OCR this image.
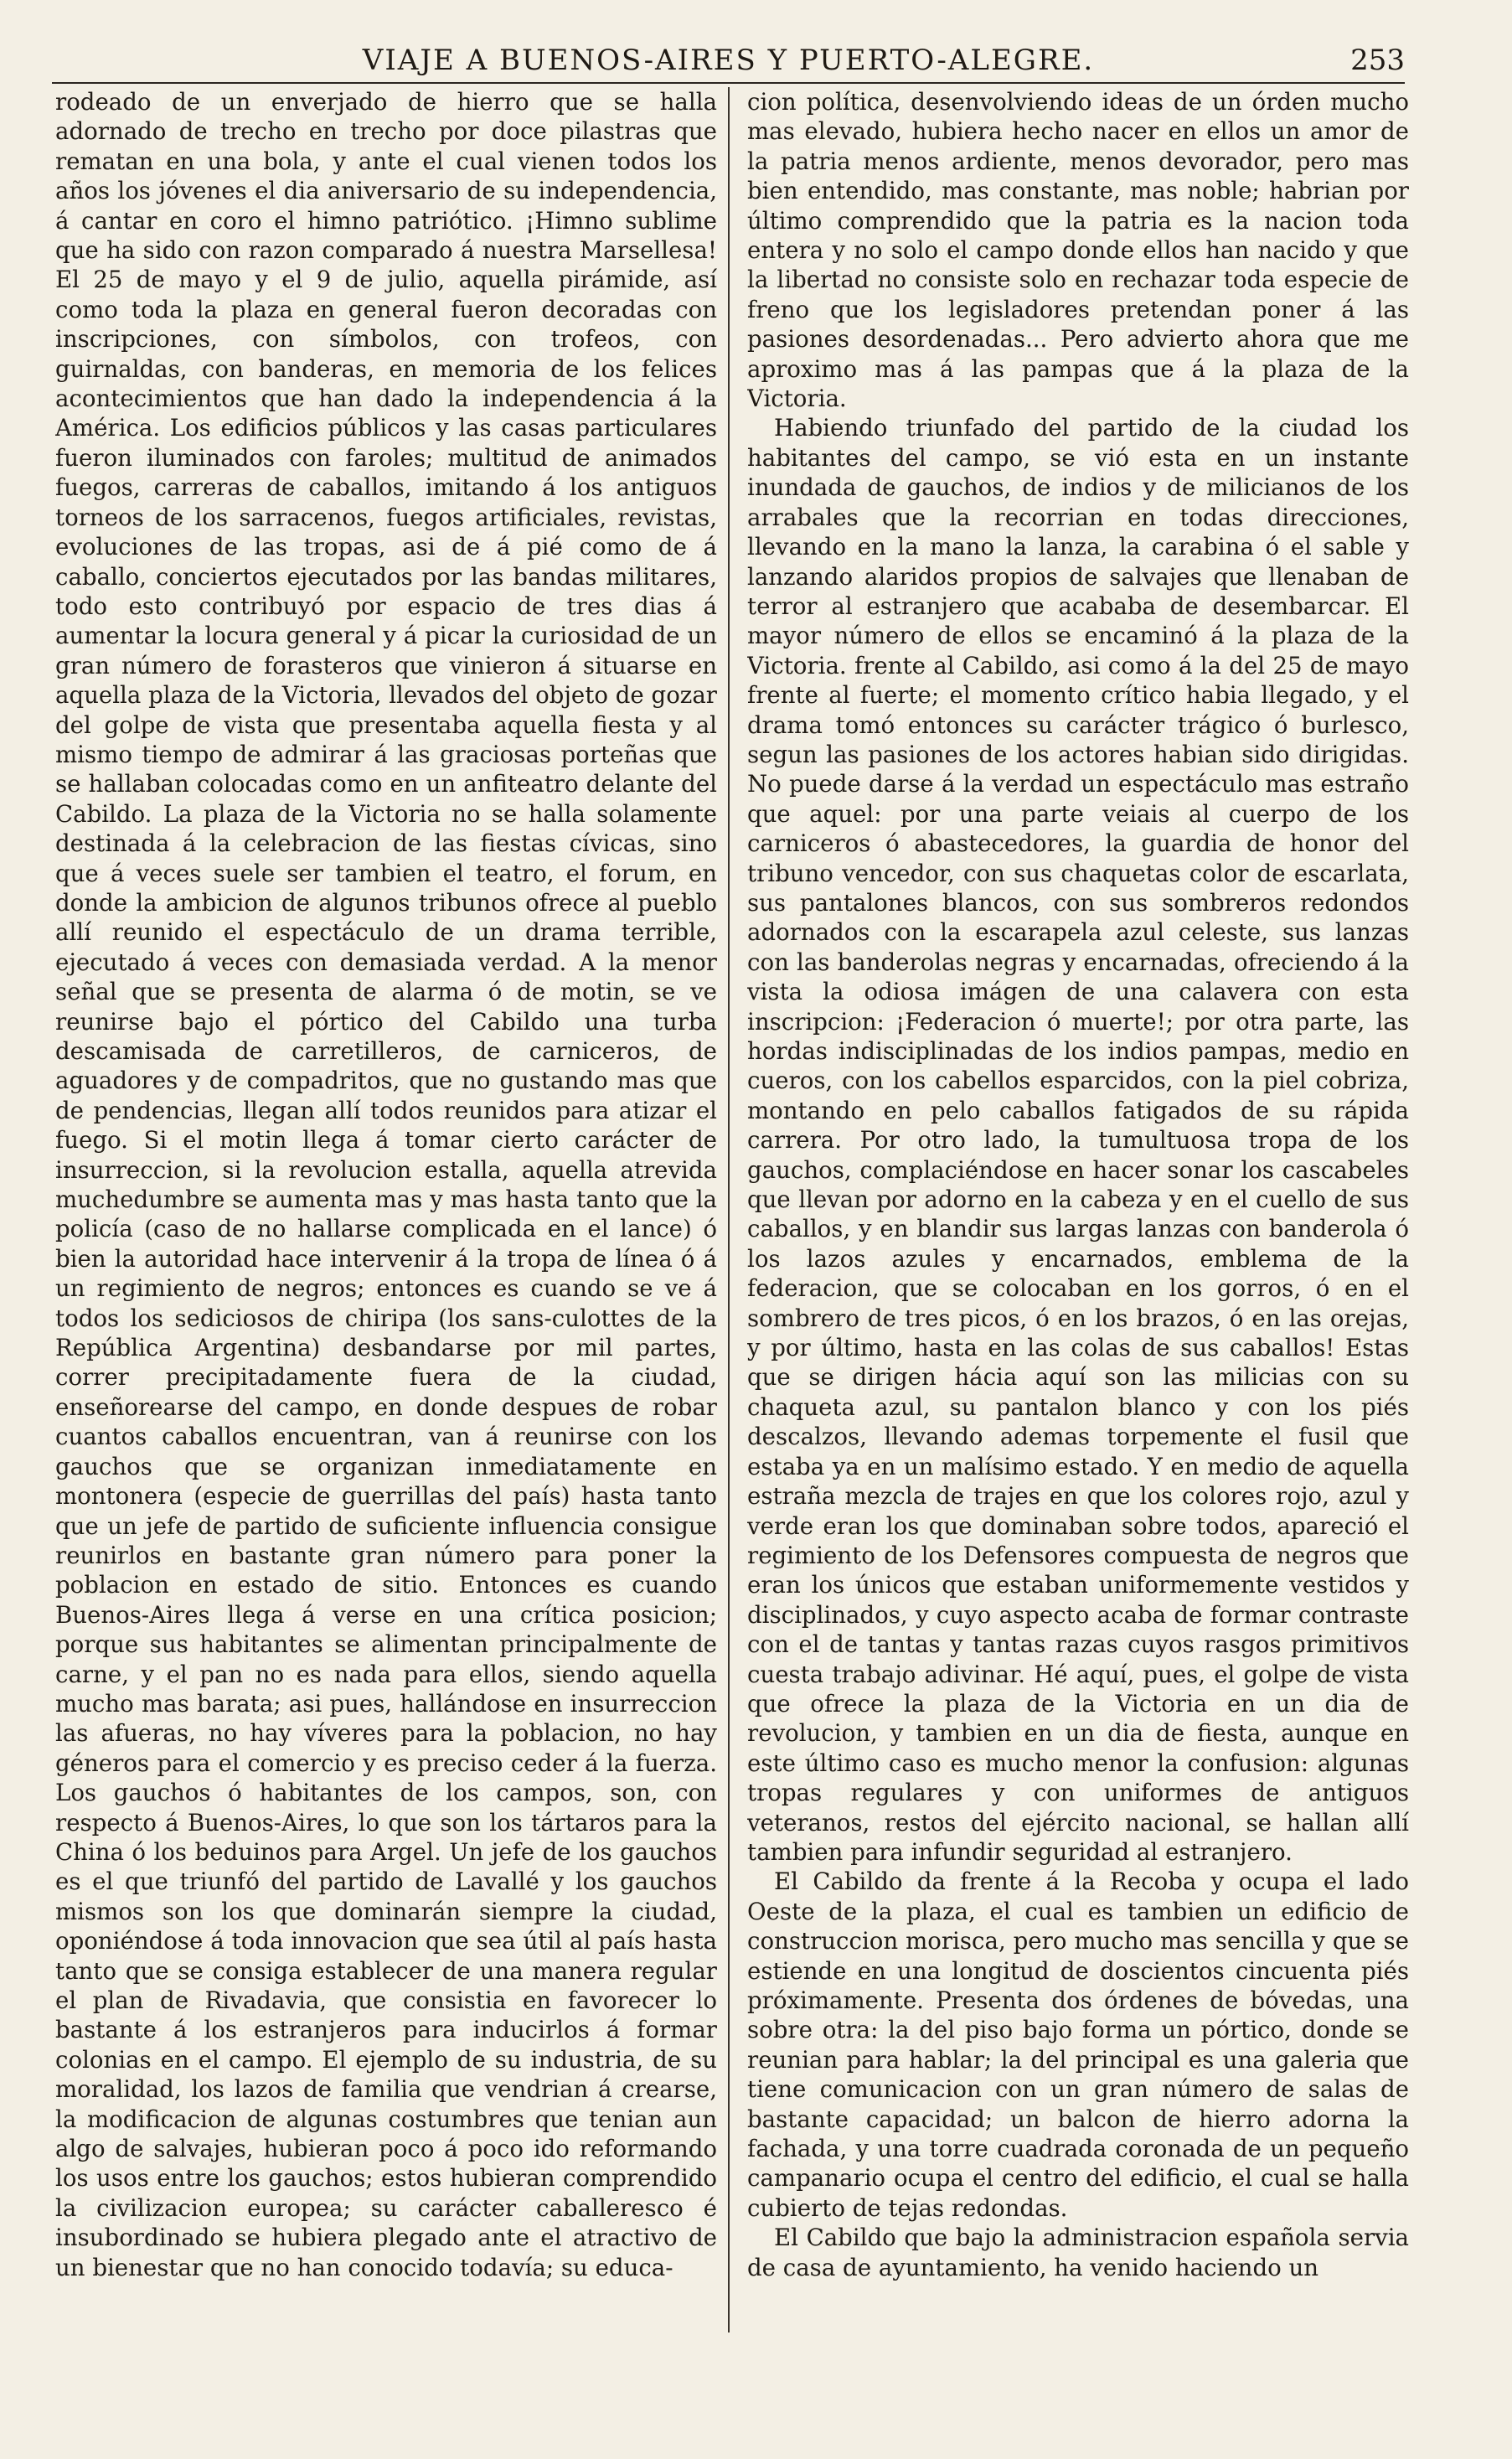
VIAJE A BUENOS-AIRES Y PUERTO-ALEGRE.	253

rodeado de un enverjado de hierro que se halla adornado de trecho en trecho por doce pilastras que rematan en una bola, y ante el cual vienen todos los años los jóvenes el dia aniversario de su independencia, á cantar en coro el himno patriótico. ¡Himno sublime que ha sido con razon comparado á nuestra Marsellesa! El 25 de mayo y el 9 de julio, aquella pirámide, así como toda la plaza en general fueron decoradas con inscripciones, con símbolos, con trofeos, con guirnaldas, con banderas, en memoria de los felices acontecimientos que han dado la independencia á la América. Los edificios públicos y las casas particulares fueron iluminados con faroles; multitud de animados fuegos, carreras de caballos, imitando á los antiguos torneos de los sarracenos, fuegos artificiales, revistas, evoluciones de las tropas, asi de á pié como de á caballo, conciertos ejecutados por las bandas militares, todo esto contribuyó por espacio de tres dias á aumentar la locura general y á picar la curiosidad de un gran número de forasteros que vinieron á situarse en aquella plaza de la Victoria, llevados del objeto de gozar del golpe de vista que presentaba aquella fiesta y al mismo tiempo de admirar á las graciosas porteñas que se hallaban colocadas como en un anfiteatro delante del Cabildo. La plaza de la Victoria no se halla solamente destinada á la celebracion de las fiestas cívicas, sino que á veces suele ser tambien el teatro, el forum, en donde la ambicion de algunos tribunos ofrece al pueblo allí reunido el espectáculo de un drama terrible, ejecutado á veces con demasiada verdad. A la menor señal que se presenta de alarma ó de motin, se ve reunirse bajo el pórtico del Cabildo una turba descamisada de carretilleros, de carniceros, de aguadores y de compadritos, que no gustando mas que de pendencias, llegan allí todos reunidos para atizar el fuego. Si el motin llega á tomar cierto carácter de insurreccion, si la revolucion estalla, aquella atrevida muchedumbre se aumenta mas y mas hasta tanto que la policía (caso de no hallarse complicada en el lance) ó bien la autoridad hace intervenir á la tropa de línea ó á un regimiento de negros; entonces es cuando se ve á todos los sediciosos de chiripa (los sans-culottes de la República Argentina) desbandarse por mil partes, correr precipitadamente fuera de la ciudad, enseñorearse del campo, en donde despues de robar cuantos caballos encuentran, van á reunirse con los gauchos que se organizan inmediatamente en montonera (especie de guerrillas del país) hasta tanto que un jefe de partido de suficiente influencia consigue reunirlos en bastante gran número para poner la poblacion en estado de sitio. Entonces es cuando Buenos-Aires llega á verse en una crítica posicion; porque sus habitantes se alimentan principalmente de carne, y el pan no es nada para ellos, siendo aquella mucho mas barata; asi pues, hallándose en insurreccion las afueras, no hay víveres para la poblacion, no hay géneros para el comercio y es preciso ceder á la fuerza. Los gauchos ó habitantes de los campos, son, con respecto á Buenos-Aires, lo que son los tártaros para la China ó los beduinos para Argel. Un jefe de los gauchos es el que triunfó del partido de Lavallé y los gauchos mismos son los que dominarán siempre la ciudad, oponiéndose á toda innovacion que sea útil al país hasta tanto que se consiga establecer de una manera regular el plan de Rivadavia, que consistia en favorecer lo bastante á los estranjeros para inducirlos á formar colonias en el campo. El ejemplo de su industria, de su moralidad, los lazos de familia que vendrian á crearse, la modificacion de algunas costumbres que tenian aun algo de salvajes, hubieran poco á poco ido reformando los usos entre los gauchos; estos hubieran comprendido la civilizacion europea; su carácter caballeresco é insubordinado se hubiera plegado ante el atractivo de un bienestar que no han conocido todavía; su educa-

cion política, desenvolviendo ideas de un órden mucho mas elevado, hubiera hecho nacer en ellos un amor de la patria menos ardiente, menos devorador, pero mas bien entendido, mas constante, mas noble; habrian por último comprendido que la patria es la nacion toda entera y no solo el campo donde ellos han nacido y que la libertad no consiste solo en rechazar toda especie de freno que los legisladores pretendan poner á las pasiones desordenadas... Pero advierto ahora que me aproximo mas á las pampas que á la plaza de la Victoria.

Habiendo triunfado del partido de la ciudad los habitantes del campo, se vió esta en un instante inundada de gauchos, de indios y de milicianos de los arrabales que la recorrian en todas direcciones, llevando en la mano la lanza, la carabina ó el sable y lanzando alaridos propios de salvajes que llenaban de terror al estranjero que acababa de desembarcar. El mayor número de ellos se encaminó á la plaza de la Victoria. frente al Cabildo, asi como á la del 25 de mayo frente al fuerte; el momento crítico habia llegado, y el drama tomó entonces su carácter trágico ó burlesco, segun las pasiones de los actores habian sido dirigidas. No puede darse á la verdad un espectáculo mas estraño que aquel: por una parte veiais al cuerpo de los carniceros ó abastecedores, la guardia de honor del tribuno vencedor, con sus chaquetas color de escarlata, sus pantalones blancos, con sus sombreros redondos adornados con la escarapela azul celeste, sus lanzas con las banderolas negras y encarnadas, ofreciendo á la vista la odiosa imágen de una calavera con esta inscripcion: ¡Federacion ó muerte!; por otra parte, las hordas indisciplinadas de los indios pampas, medio en cueros, con los cabellos esparcidos, con la piel cobriza, montando en pelo caballos fatigados de su rápida carrera. Por otro lado, la tumultuosa tropa de los gauchos, complaciéndose en hacer sonar los cascabeles que llevan por adorno en la cabeza y en el cuello de sus caballos, y en blandir sus largas lanzas con banderola ó los lazos azules y encarnados, emblema de la federacion, que se colocaban en los gorros, ó en el sombrero de tres picos, ó en los brazos, ó en las orejas, y por último, hasta en las colas de sus caballos! Estas que se dirigen hácia aquí son las milicias con su chaqueta azul, su pantalon blanco y con los piés descalzos, llevando ademas torpemente el fusil que estaba ya en un malísimo estado. Y en medio de aquella estraña mezcla de trajes en que los colores rojo, azul y verde eran los que dominaban sobre todos, apareció el regimiento de los Defensores compuesta de negros que eran los únicos que estaban uniformemente vestidos y disciplinados, y cuyo aspecto acaba de formar contraste con el de tantas y tantas razas cuyos rasgos primitivos cuesta trabajo adivinar. Hé aquí, pues, el golpe de vista que ofrece la plaza de la Victoria en un dia de revolucion, y tambien en un dia de fiesta, aunque en este último caso es mucho menor la confusion: algunas tropas regulares y con uniformes de antiguos veteranos, restos del ejército nacional, se hallan allí tambien para infundir seguridad al estranjero.

El Cabildo da frente á la Recoba y ocupa el lado Oeste de la plaza, el cual es tambien un edificio de construccion morisca, pero mucho mas sencilla y que se estiende en una longitud de doscientos cincuenta piés próximamente. Presenta dos órdenes de bóvedas, una sobre otra: la del piso bajo forma un pórtico, donde se reunian para hablar; la del principal es una galeria que tiene comunicacion con un gran número de salas de bastante capacidad; un balcon de hierro adorna la fachada, y una torre cuadrada coronada de un pequeño campanario ocupa el centro del edificio, el cual se halla cubierto de tejas redondas.

El Cabildo que bajo la administracion española servia de casa de ayuntamiento, ha venido haciendo un
